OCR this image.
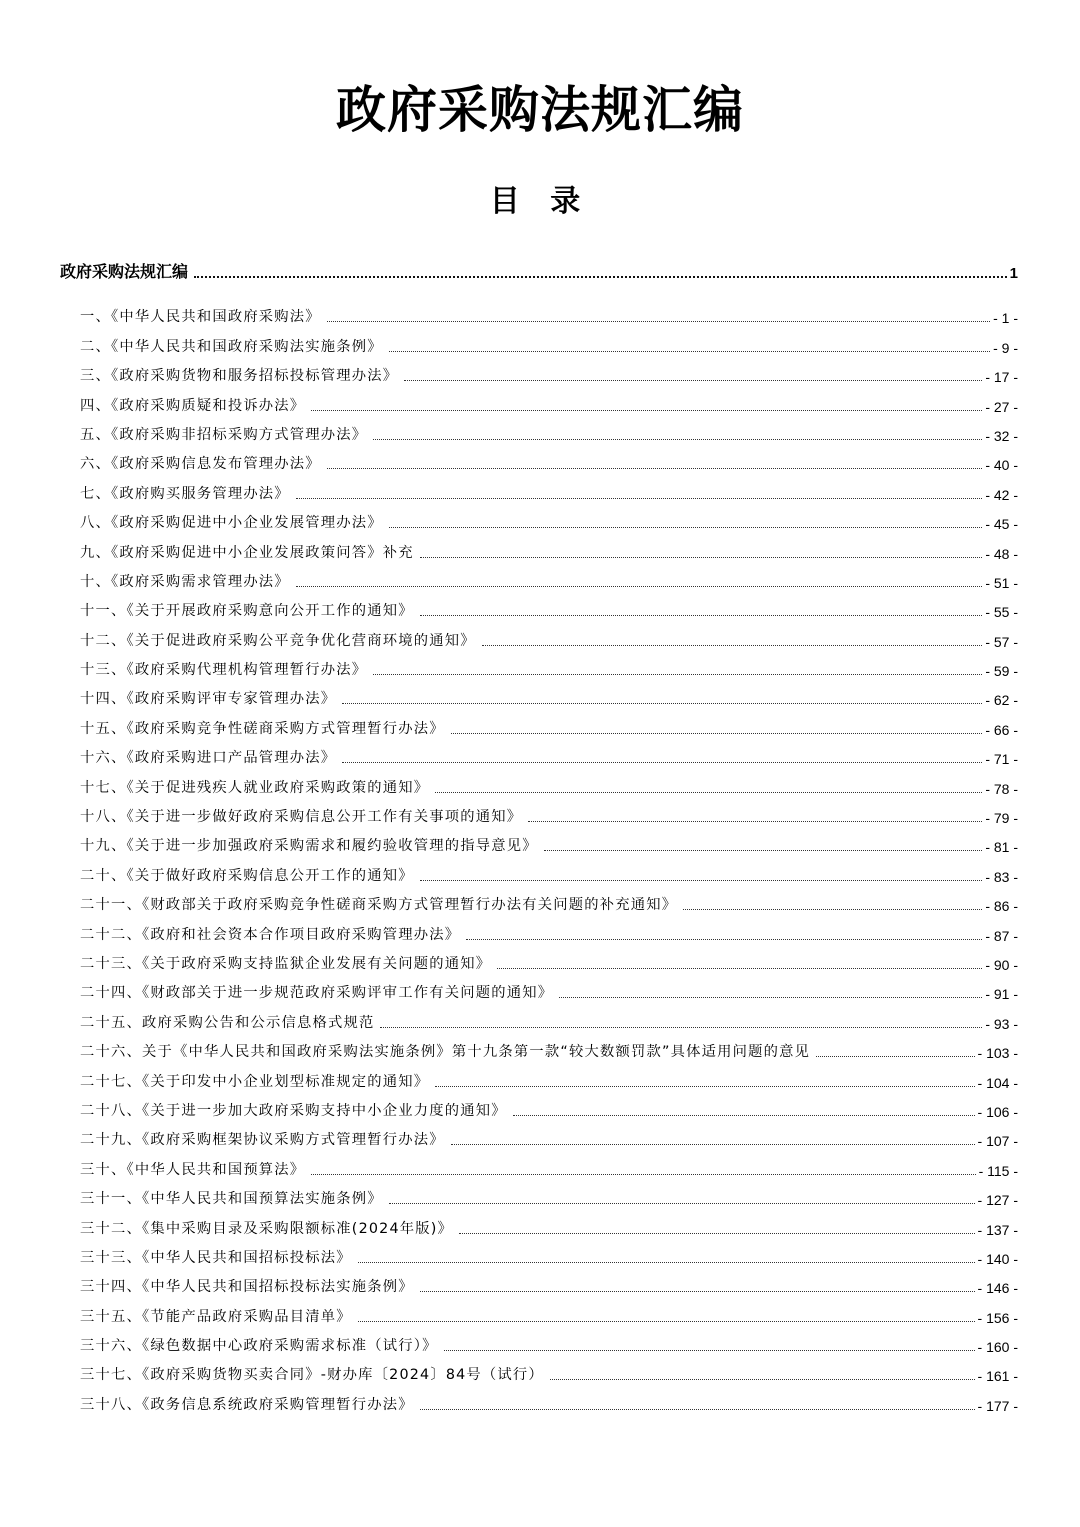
政府采购法规汇编
目 录
政府采购法规汇编	1
一、《中华人民共和国政府采购法》	- 1 -
二、《中华人民共和国政府采购法实施条例》	- 9 -
三、《政府采购货物和服务招标投标管理办法》	- 17 -
四、《政府采购质疑和投诉办法》	- 27 -
五、《政府采购非招标采购方式管理办法》	- 32 -
六、《政府采购信息发布管理办法》	- 40 -
七、《政府购买服务管理办法》	- 42 -
八、《政府采购促进中小企业发展管理办法》	- 45 -
九、《政府采购促进中小企业发展政策问答》补充	- 48 -
十、《政府采购需求管理办法》	- 51 -
十一、《关于开展政府采购意向公开工作的通知》	- 55 -
十二、《关于促进政府采购公平竞争优化营商环境的通知》	- 57 -
十三、《政府采购代理机构管理暂行办法》	- 59 -
十四、《政府采购评审专家管理办法》	- 62 -
十五、《政府采购竞争性磋商采购方式管理暂行办法》	- 66 -
十六、《政府采购进口产品管理办法》	- 71 -
十七、《关于促进残疾人就业政府采购政策的通知》	- 78 -
十八、《关于进一步做好政府采购信息公开工作有关事项的通知》	- 79 -
十九、《关于进一步加强政府采购需求和履约验收管理的指导意见》	- 81 -
二十、《关于做好政府采购信息公开工作的通知》	- 83 -
二十一、《财政部关于政府采购竞争性磋商采购方式管理暂行办法有关问题的补充通知》	- 86 -
二十二、《政府和社会资本合作项目政府采购管理办法》	- 87 -
二十三、《关于政府采购支持监狱企业发展有关问题的通知》	- 90 -
二十四、《财政部关于进一步规范政府采购评审工作有关问题的通知》	- 91 -
二十五、政府采购公告和公示信息格式规范	- 93 -
二十六、关于《中华人民共和国政府采购法实施条例》第十九条第一款“较大数额罚款”具体适用问题的意见	- 103 -
二十七、《关于印发中小企业划型标准规定的通知》	- 104 -
二十八、《关于进一步加大政府采购支持中小企业力度的通知》	- 106 -
二十九、《政府采购框架协议采购方式管理暂行办法》	- 107 -
三十、《中华人民共和国预算法》	- 115 -
三十一、《中华人民共和国预算法实施条例》	- 127 -
三十二、《集中采购目录及采购限额标准(2024年版)》	- 137 -
三十三、《中华人民共和国招标投标法》	- 140 -
三十四、《中华人民共和国招标投标法实施条例》	- 146 -
三十五、《节能产品政府采购品目清单》	- 156 -
三十六、《绿色数据中心政府采购需求标准（试行）》	- 160 -
三十七、《政府采购货物买卖合同》-财办库〔2024〕84号（试行）	- 161 -
三十八、《政务信息系统政府采购管理暂行办法》	- 177 -
